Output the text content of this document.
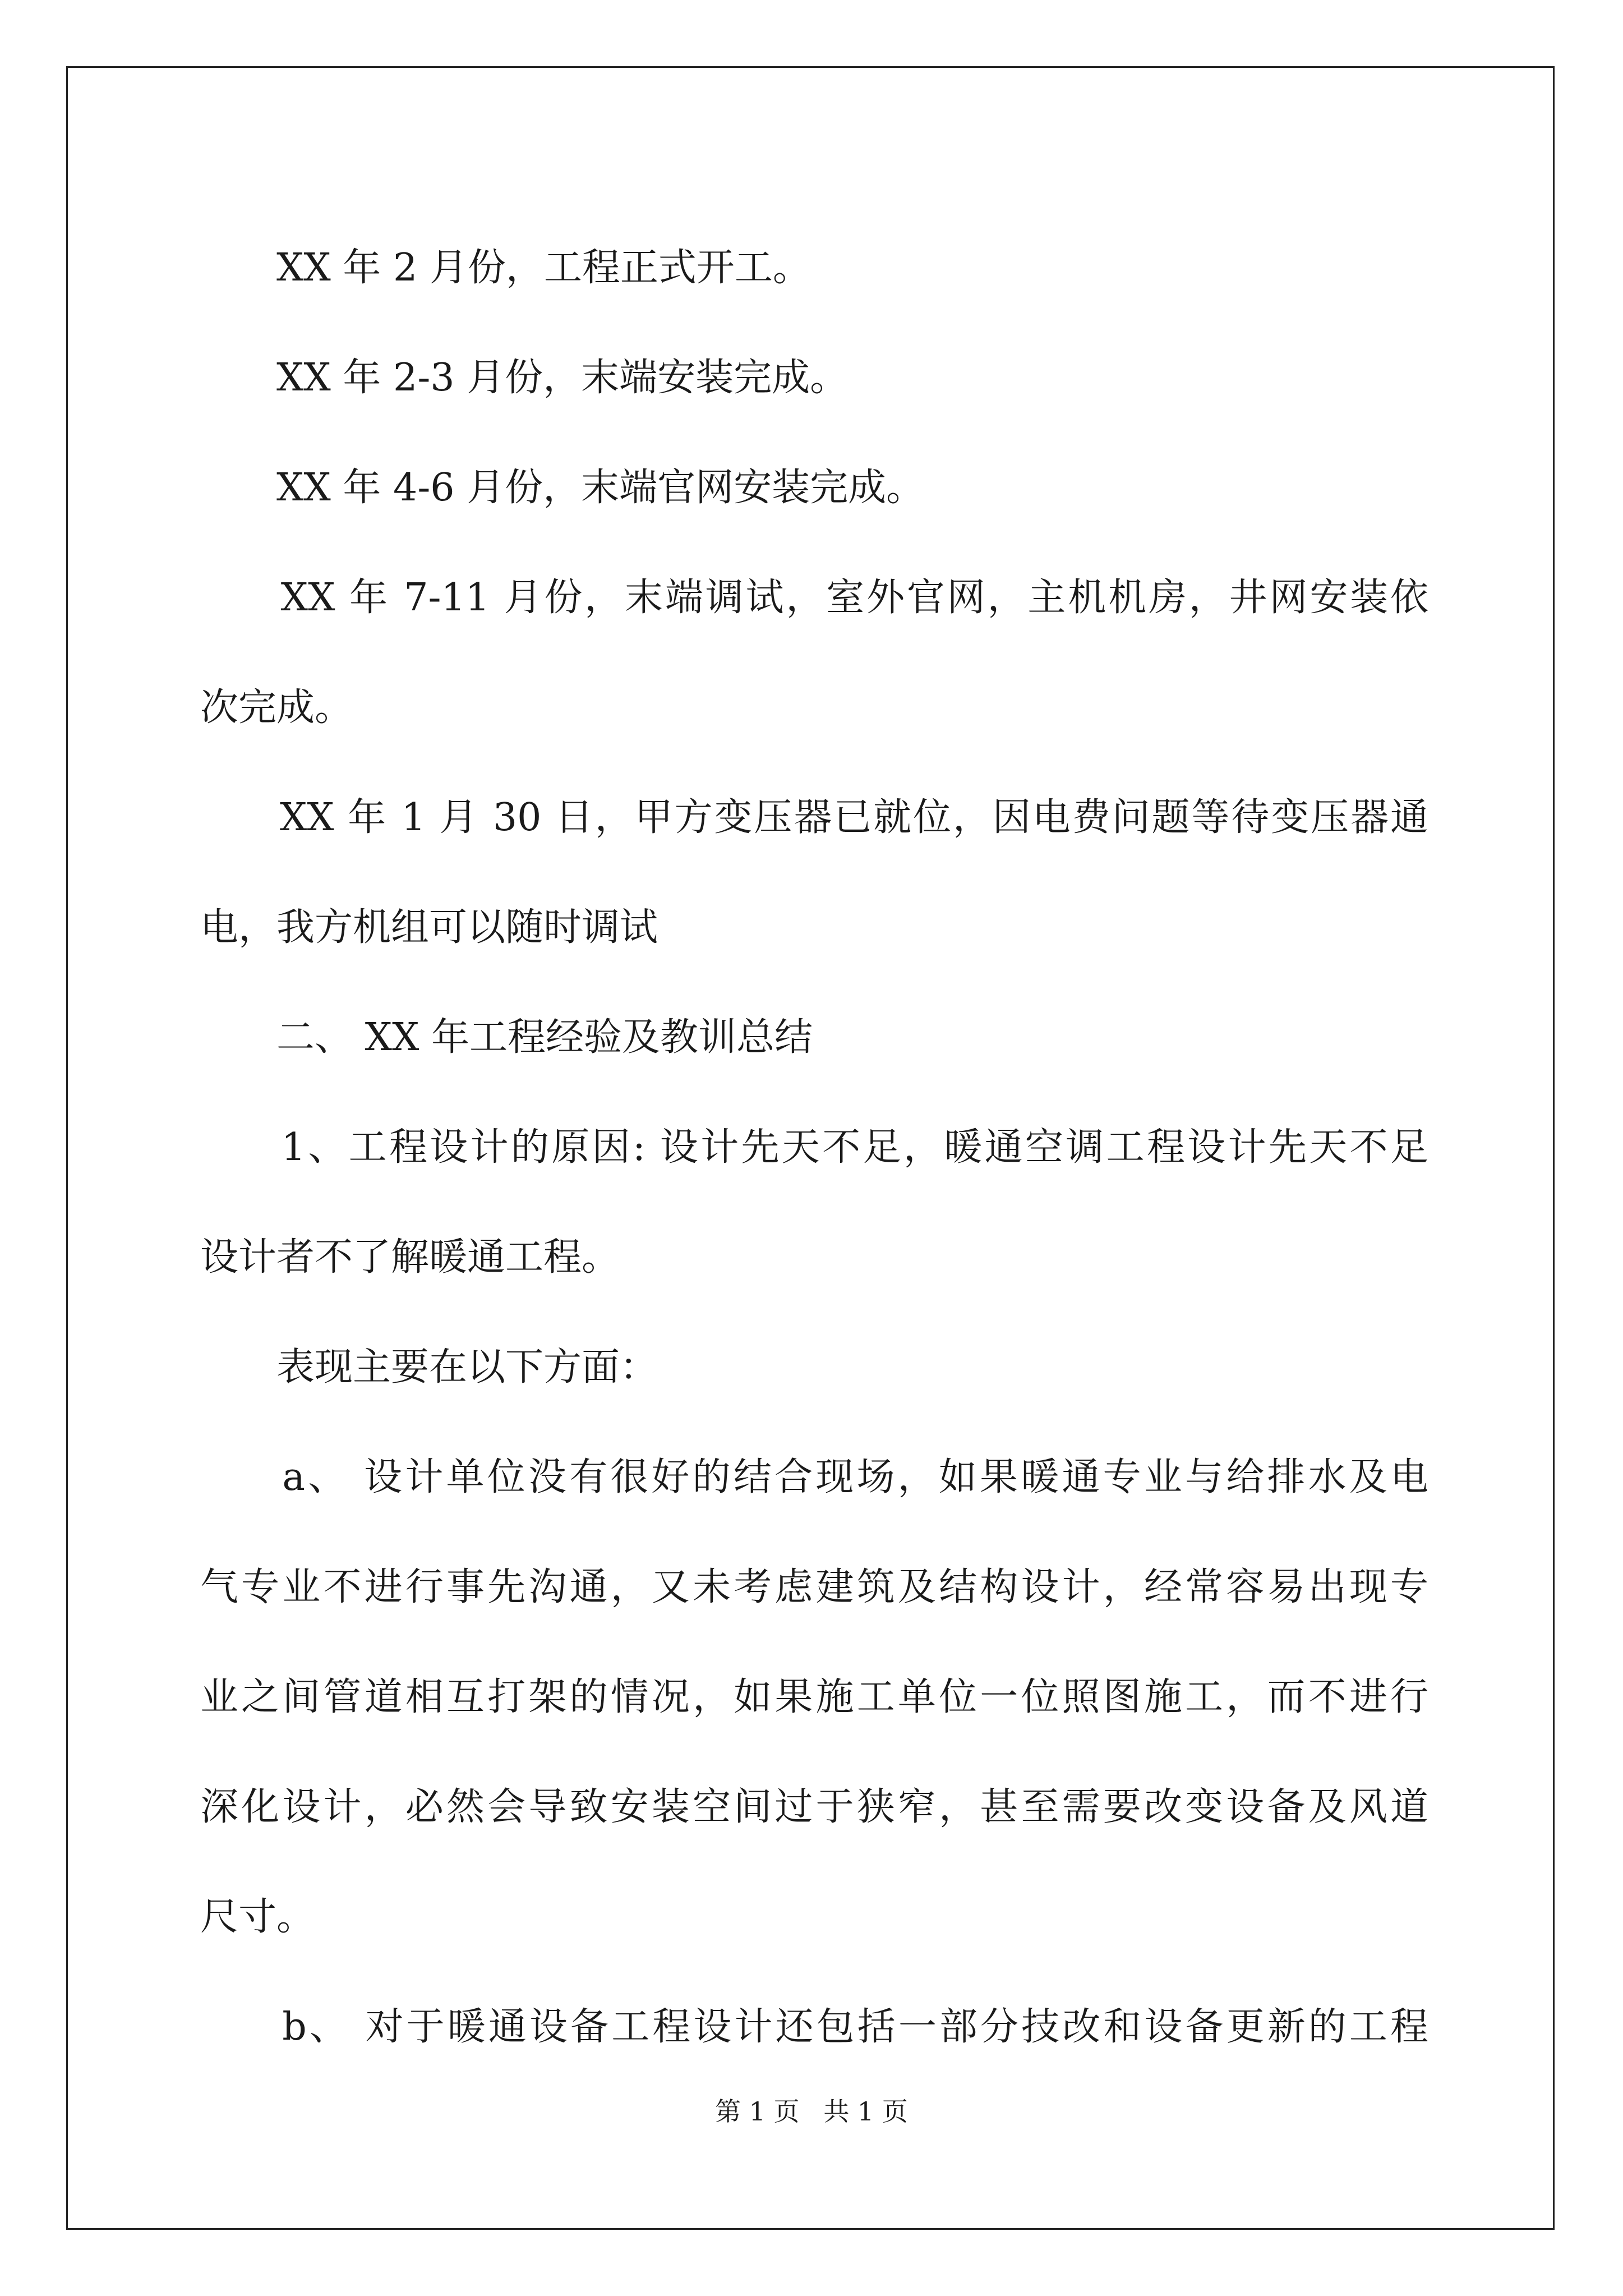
　　XX 年 2 月份，工程正式开工。
　　XX 年 2-3 月份，末端安装完成。
　　XX 年 4-6 月份，末端官网安装完成。
　　XX 年 7-11 月份，末端调试，室外官网，主机机房，井网安装依
次完成。
　　XX 年 1 月 30 日，甲方变压器已就位，因电费问题等待变压器通
电，我方机组可以随时调试
　　二、 XX 年工程经验及教训总结
　　1、工程设计的原因: 设计先天不足，暖通空调工程设计先天不足
设计者不了解暖通工程。
　　表现主要在以下方面：
　　a、 设计单位没有很好的结合现场，如果暖通专业与给排水及电
气专业不进行事先沟通，又未考虑建筑及结构设计，经常容易出现专
业之间管道相互打架的情况，如果施工单位一位照图施工，而不进行
深化设计，必然会导致安装空间过于狭窄，甚至需要改变设备及风道
尺寸。
　　b、 对于暖通设备工程设计还包括一部分技改和设备更新的工程
第 1 页 共 1 页
